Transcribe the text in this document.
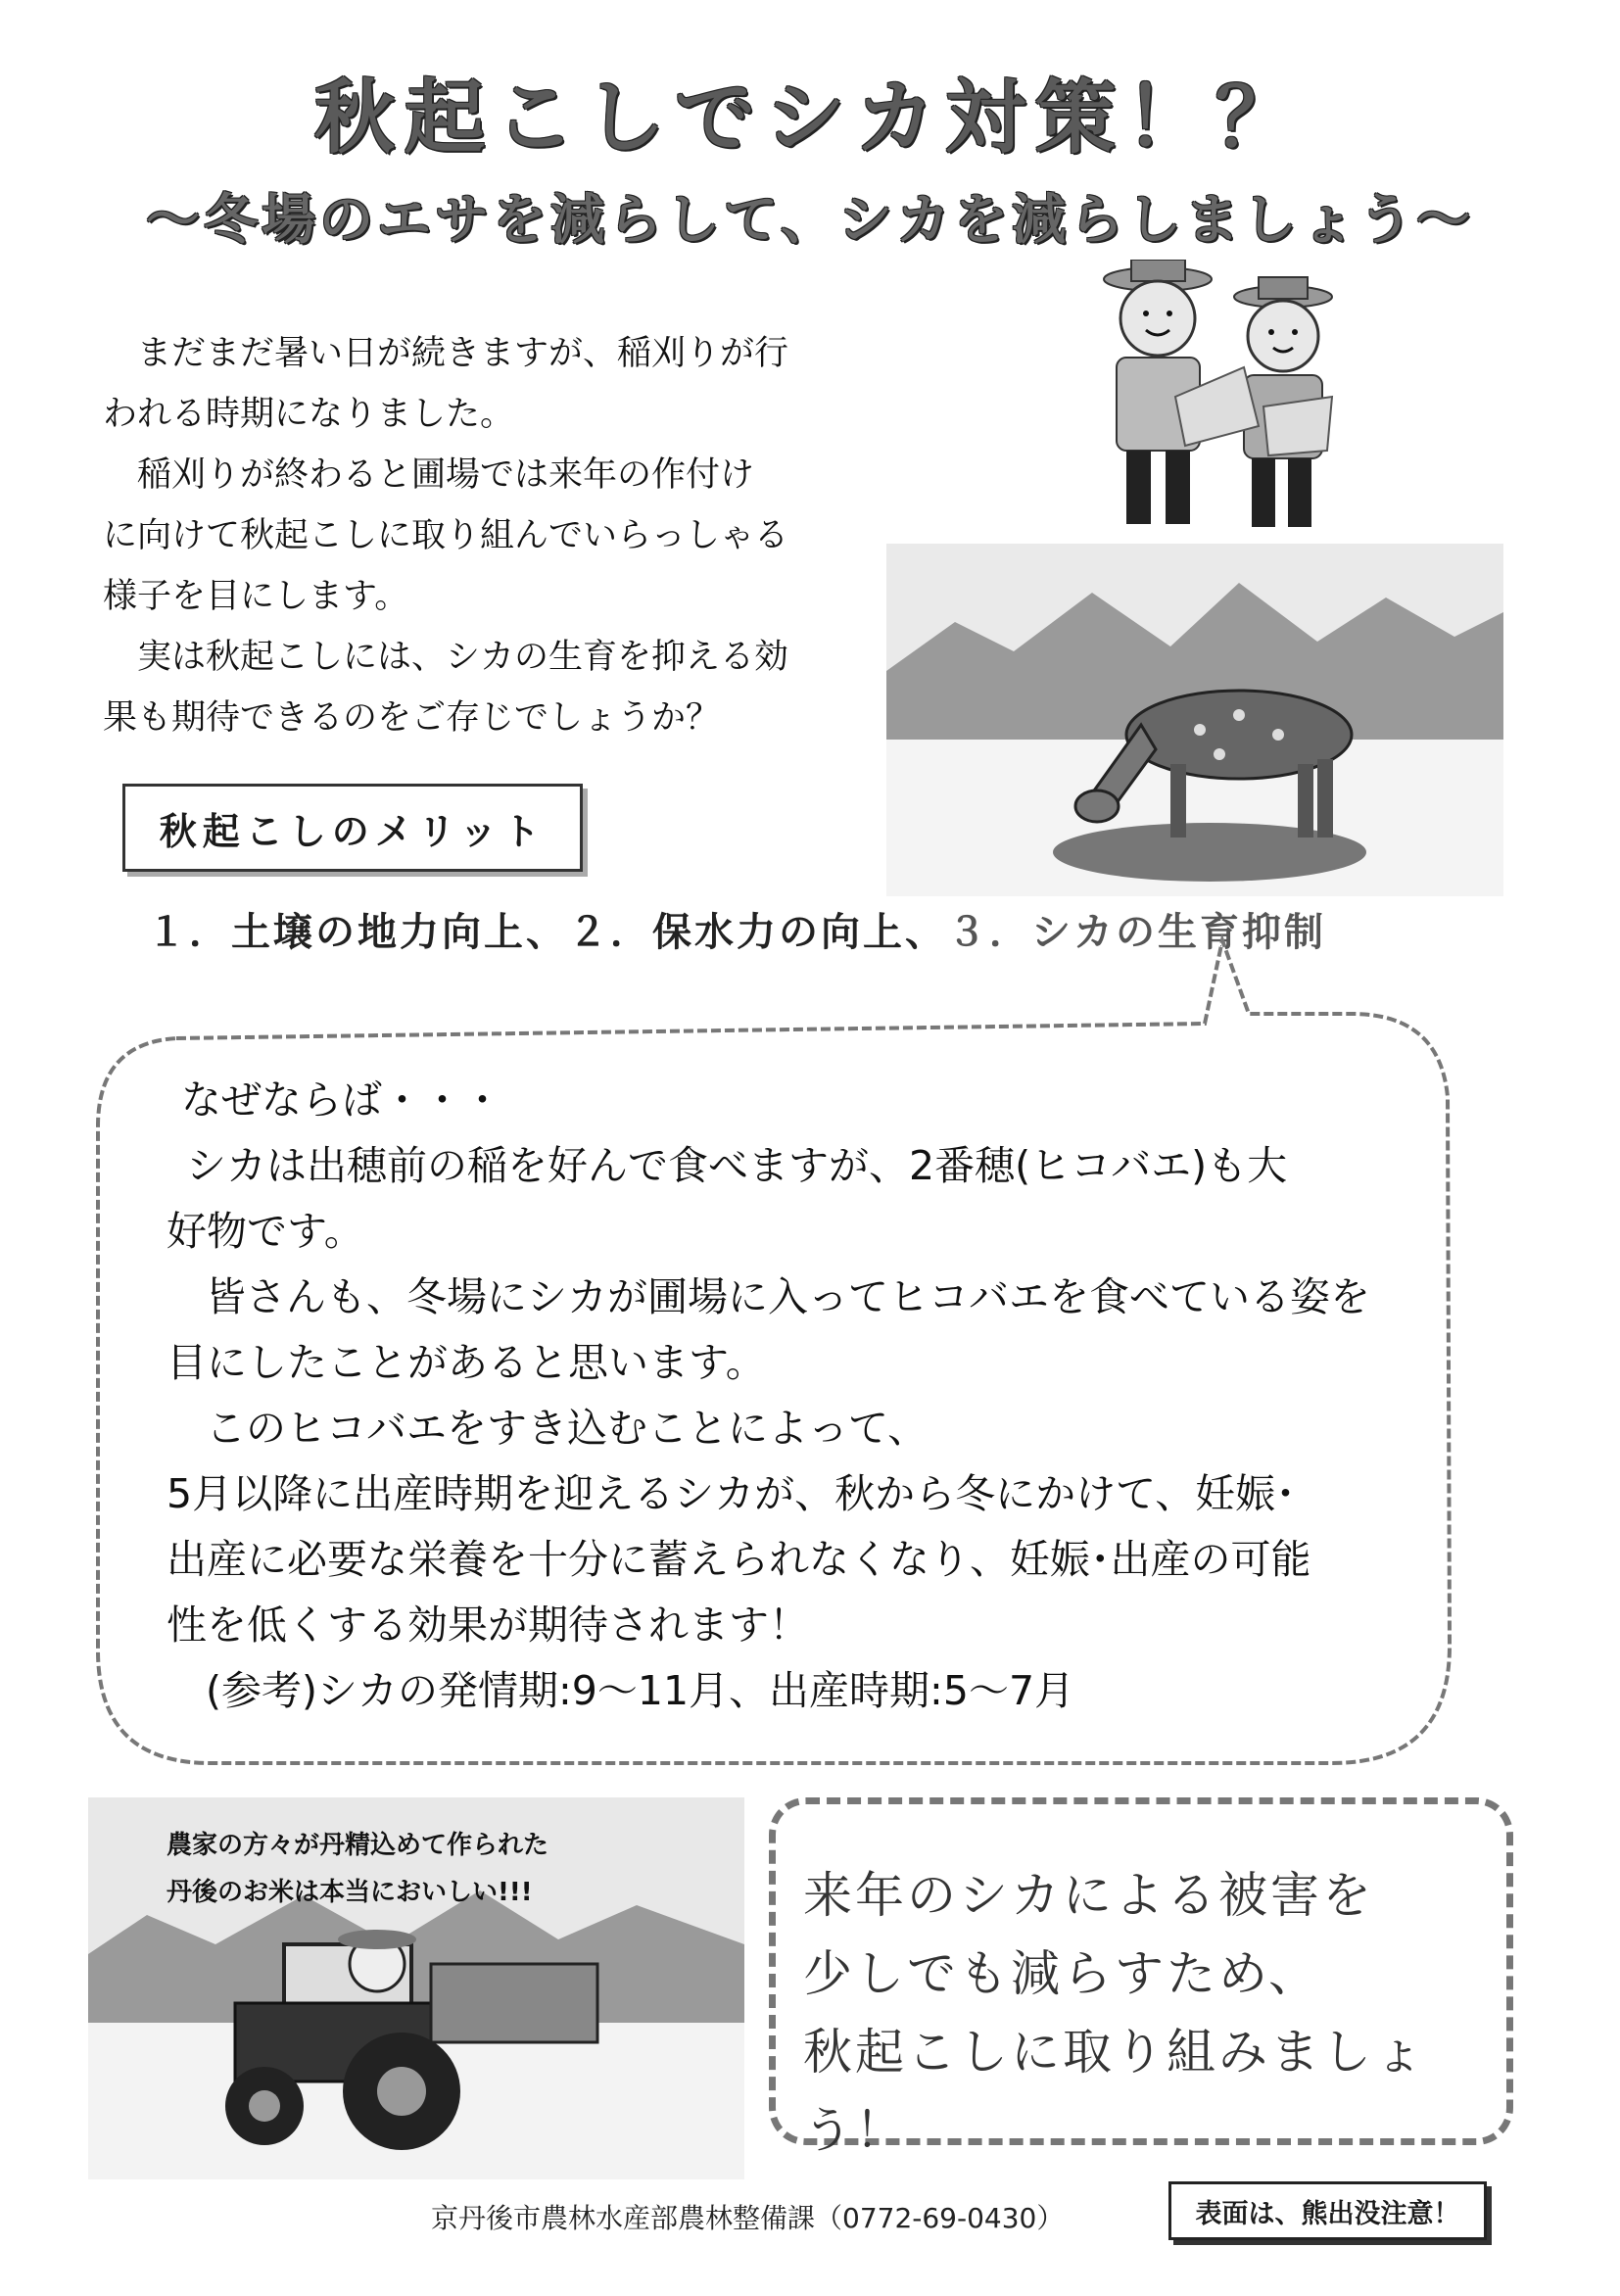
秋起こしでシカ対策！？
～冬場のエサを減らして、シカを減らしましょう～

まだまだ暑い日が続きますが、稲刈りが行

われる時期になりました。

稲刈りが終わると圃場では来年の作付け

に向けて秋起こしに取り組んでいらっしゃる

様子を目にします。

実は秋起こしには、シカの生育を抑える効

果も期待できるのをご存じでしょうか？

秋起こしのメリット
１．土壌の地力向上、２．保水力の向上、３．シカの生育抑制

なぜならば・・・

シカは出穂前の稲を好んで食べますが、2番穂(ヒコバエ)も大

好物です。

皆さんも、冬場にシカが圃場に入ってヒコバエを食べている姿を

目にしたことがあると思います。

このヒコバエをすき込むことによって、

5月以降に出産時期を迎えるシカが、秋から冬にかけて、妊娠･

出産に必要な栄養を十分に蓄えられなくなり、妊娠･出産の可能

性を低くする効果が期待されます！

(参考)シカの発情期:9～11月、出産時期:5～7月

農家の方々が丹精込めて作られた

丹後のお米は本当においしい!!!	来年のシカによる被害を

少しでも減らすため、

秋起こしに取り組みましょう！

京丹後市農林水産部農林整備課（0772-69-0430）	表面は、熊出没注意！
